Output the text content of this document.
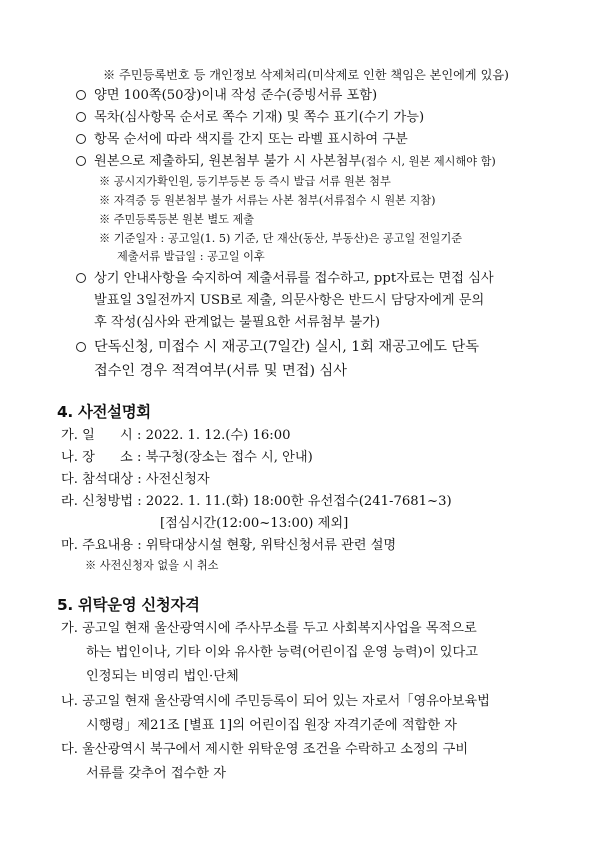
※ 주민등록번호 등 개인정보 삭제처리(미삭제로 인한 책임은 본인에게 있음)
양면 100쪽(50장)이내 작성 준수(증빙서류 포함)
목차(심사항목 순서로 쪽수 기재) 및 쪽수 표기(수기 가능)
항목 순서에 따라 색지를 간지 또는 라벨 표시하여 구분
원본으로 제출하되, 원본첨부 불가 시 사본첨부(접수 시, 원본 제시해야 함)
※ 공시지가확인원, 등기부등본 등 즉시 발급 서류 원본 첨부
※ 자격증 등 원본첨부 불가 서류는 사본 첨부(서류접수 시 원본 지참)
※ 주민등록등본 원본 별도 제출
※ 기준일자 : 공고일(1. 5) 기준, 단 재산(동산, 부동산)은 공고일 전일기준
제출서류 발급일 : 공고일 이후
상기 안내사항을 숙지하여 제출서류를 접수하고, ppt자료는 면접 심사
발표일 3일전까지 USB로 제출, 의문사항은 반드시 담당자에게 문의
후 작성(심사와 관계없는 불필요한 서류첨부 불가)
단독신청, 미접수 시 재공고(7일간) 실시, 1회 재공고에도 단독
접수인 경우 적격여부(서류 및 면접) 심사
4. 사전설명회
가. 일      시 : 2022. 1. 12.(수) 16:00
나. 장      소 : 북구청(장소는 접수 시, 안내)
다. 참석대상 : 사전신청자
라. 신청방법 : 2022. 1. 11.(화) 18:00한 유선접수(241-7681~3)
[점심시간(12:00~13:00) 제외]
마. 주요내용 : 위탁대상시설 현황, 위탁신청서류 관련 설명
※ 사전신청자 없을 시 취소
5. 위탁운영 신청자격
가. 공고일 현재 울산광역시에 주사무소를 두고 사회복지사업을 목적으로
하는 법인이나, 기타 이와 유사한 능력(어린이집 운영 능력)이 있다고
인정되는 비영리 법인·단체
나. 공고일 현재 울산광역시에 주민등록이 되어 있는 자로서「영유아보육법
시행령」제21조 [별표 1]의 어린이집 원장 자격기준에 적합한 자
다. 울산광역시 북구에서 제시한 위탁운영 조건을 수락하고 소정의 구비
서류를 갖추어 접수한 자
